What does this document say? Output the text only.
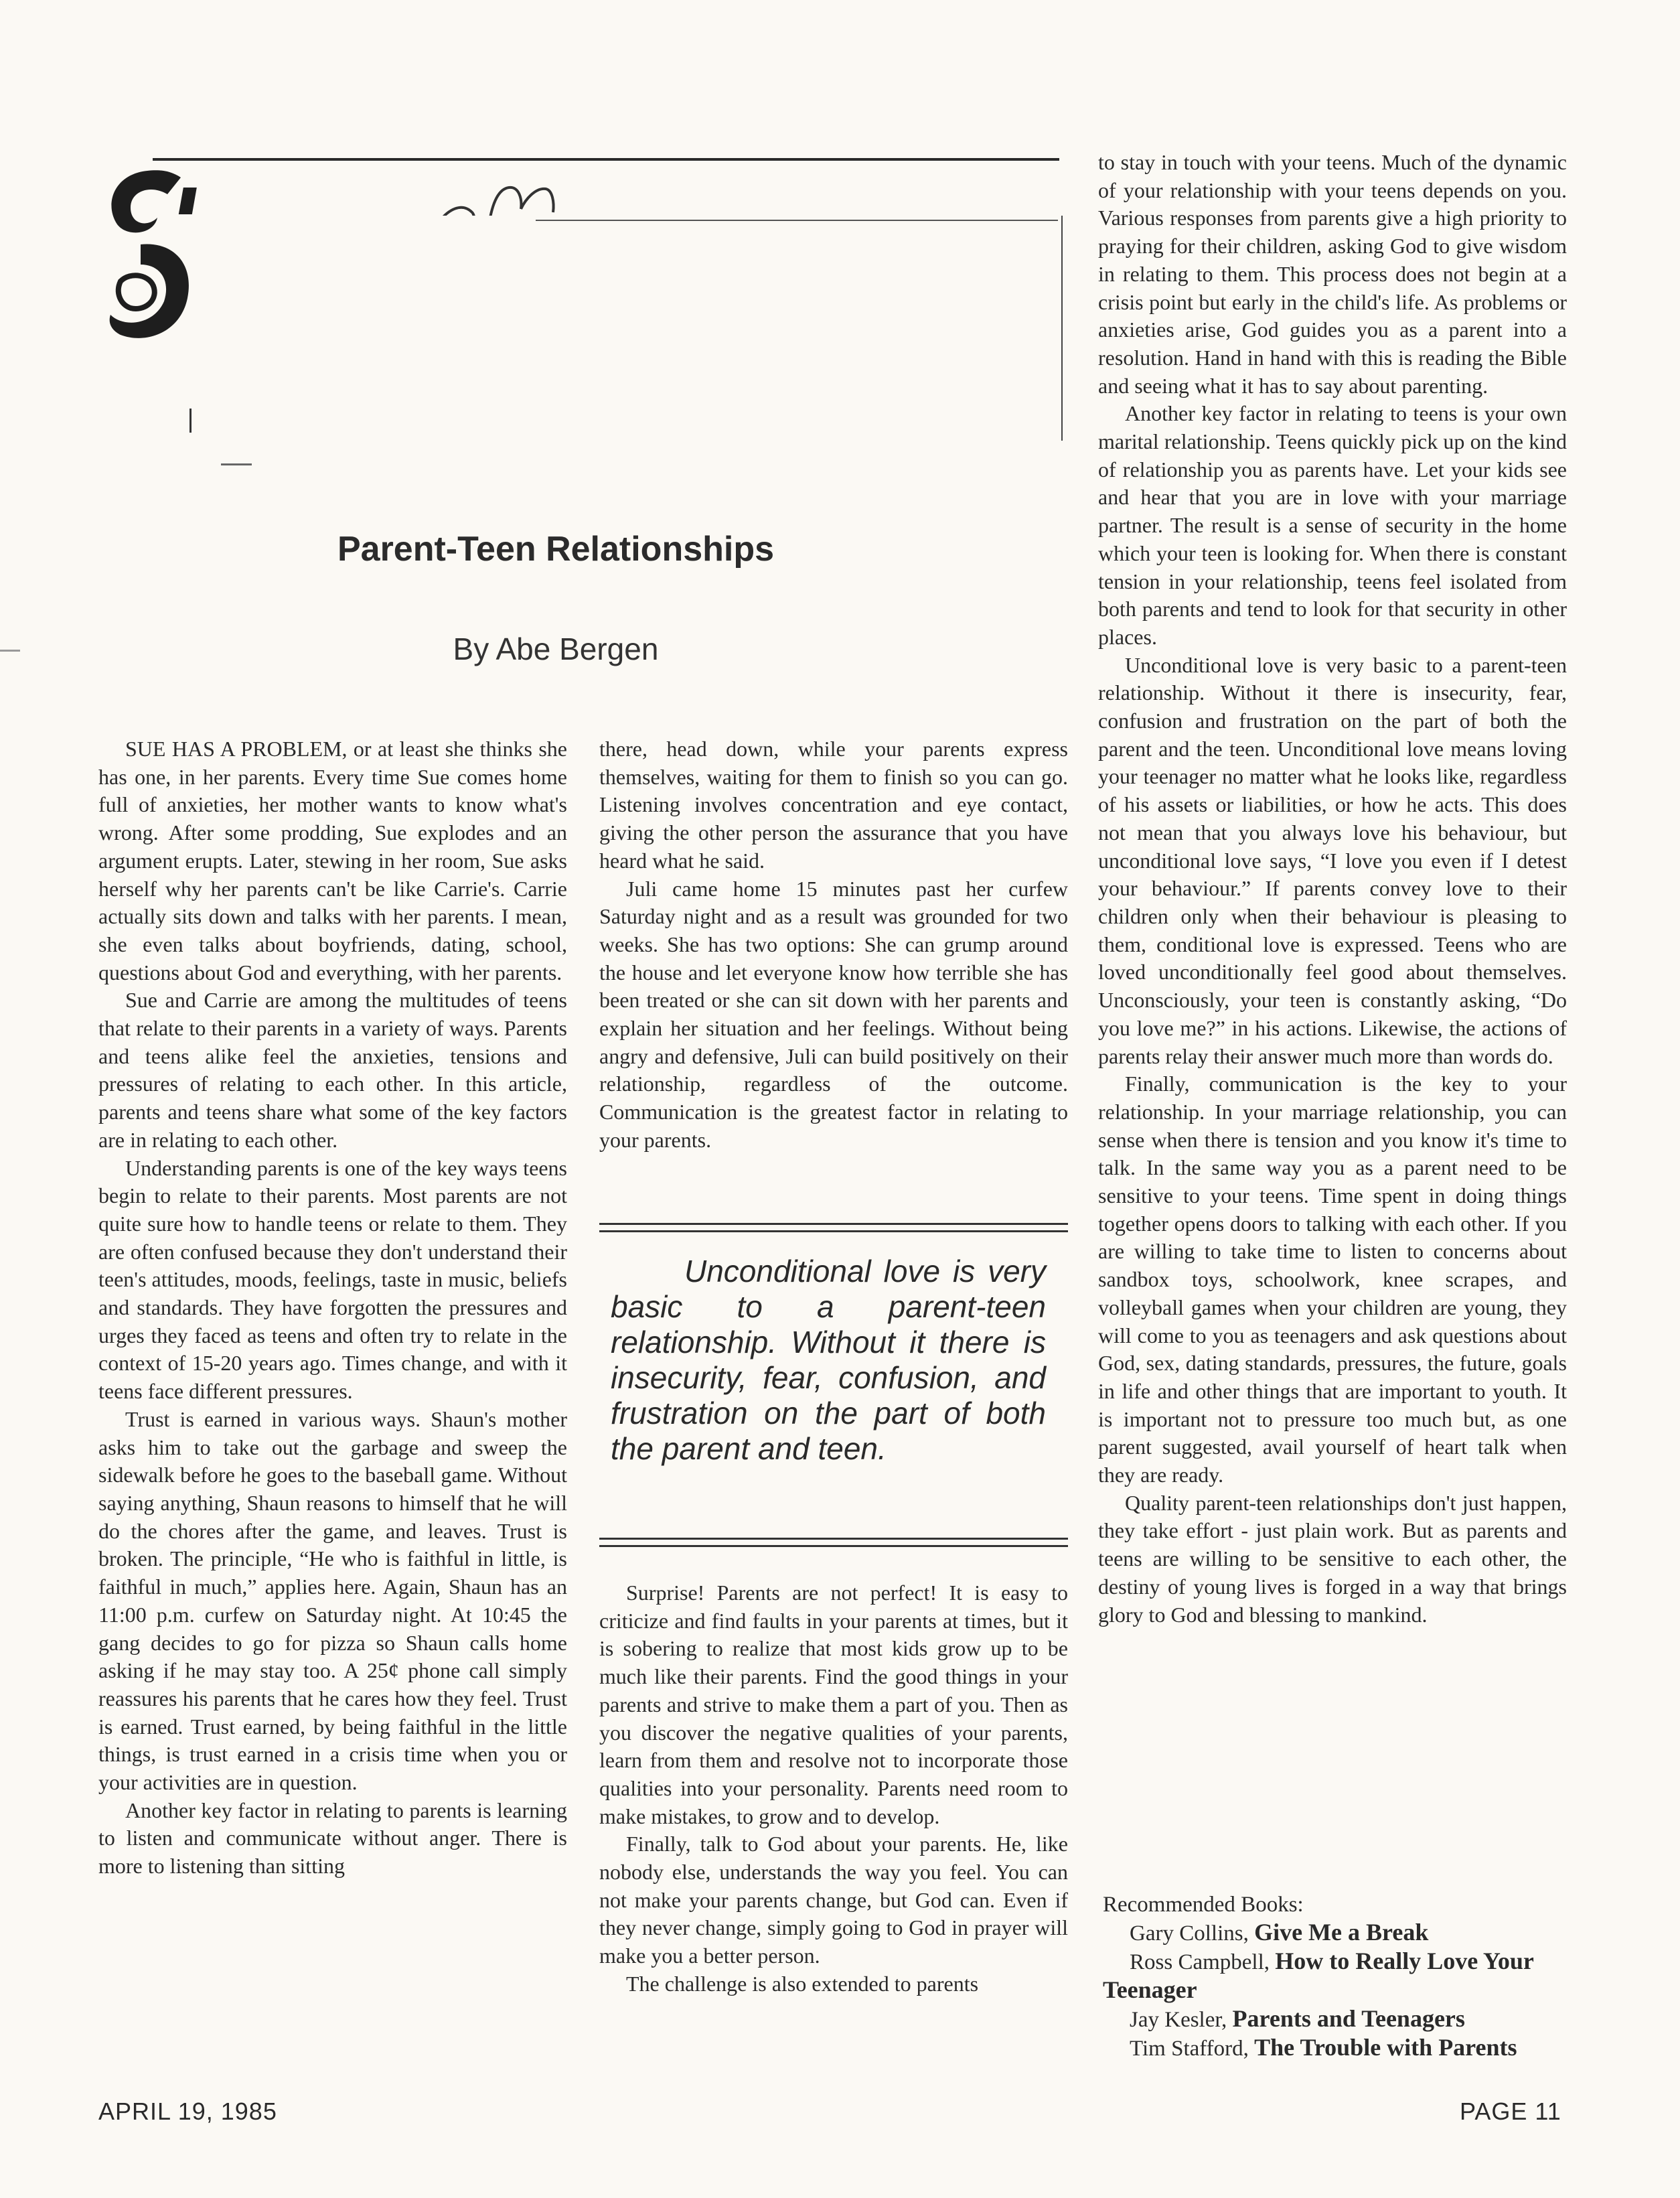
Parent-Teen Relationships
By Abe Bergen

SUE HAS A PROBLEM, or at least she thinks she has one, in her parents. Every time Sue comes home full of anxieties, her mother wants to know what's wrong. After some prodding, Sue explodes and an argument erupts. Later, stewing in her room, Sue asks herself why her parents can't be like Carrie's. Carrie actually sits down and talks with her parents. I mean, she even talks about boyfriends, dating, school, questions about God and everything, with her parents.

Sue and Carrie are among the multitudes of teens that relate to their parents in a variety of ways. Parents and teens alike feel the anxieties, tensions and pressures of relating to each other. In this article, parents and teens share what some of the key factors are in relating to each other.

Understanding parents is one of the key ways teens begin to relate to their parents. Most parents are not quite sure how to handle teens or relate to them. They are often confused because they don't understand their teen's attitudes, moods, feelings, taste in music, beliefs and standards. They have forgotten the pressures and urges they faced as teens and often try to relate in the context of 15-20 years ago. Times change, and with it teens face different pressures.

Trust is earned in various ways. Shaun's mother asks him to take out the garbage and sweep the sidewalk before he goes to the baseball game. Without saying anything, Shaun reasons to himself that he will do the chores after the game, and leaves. Trust is broken. The principle, “He who is faithful in little, is faithful in much,” applies here. Again, Shaun has an 11:00 p.m. curfew on Saturday night. At 10:45 the gang decides to go for pizza so Shaun calls home asking if he may stay too. A 25¢ phone call simply reassures his parents that he cares how they feel. Trust is earned. Trust earned, by being faithful in the little things, is trust earned in a crisis time when you or your activities are in question.

Another key factor in relating to parents is learning to listen and communicate without anger. There is more to listening than sitting

there, head down, while your parents express themselves, waiting for them to finish so you can go. Listening involves concentration and eye contact, giving the other person the assurance that you have heard what he said.

Juli came home 15 minutes past her curfew Saturday night and as a result was grounded for two weeks. She has two options: She can grump around the house and let everyone know how terrible she has been treated or she can sit down with her parents and explain her situation and her feelings. Without being angry and defensive, Juli can build positively on their relationship, regardless of the outcome. Communication is the greatest factor in relating to your parents.

Unconditional love is very basic to a parent-teen relationship. Without it there is insecurity, fear, confusion, and frustration on the part of both the parent and teen.

Surprise! Parents are not perfect! It is easy to criticize and find faults in your parents at times, but it is sobering to realize that most kids grow up to be much like their parents. Find the good things in your parents and strive to make them a part of you. Then as you discover the negative qualities of your parents, learn from them and resolve not to incorporate those qualities into your personality. Parents need room to make mistakes, to grow and to develop.

Finally, talk to God about your parents. He, like nobody else, understands the way you feel. You can not make your parents change, but God can. Even if they never change, simply going to God in prayer will make you a better person.

The challenge is also extended to parents

to stay in touch with your teens. Much of the dynamic of your relationship with your teens depends on you. Various responses from parents give a high priority to praying for their children, asking God to give wisdom in relating to them. This process does not begin at a crisis point but early in the child's life. As problems or anxieties arise, God guides you as a parent into a resolution. Hand in hand with this is reading the Bible and seeing what it has to say about parenting.

Another key factor in relating to teens is your own marital relationship. Teens quickly pick up on the kind of relationship you as parents have. Let your kids see and hear that you are in love with your marriage partner. The result is a sense of security in the home which your teen is looking for. When there is constant tension in your relationship, teens feel isolated from both parents and tend to look for that security in other places.

Unconditional love is very basic to a parent-teen relationship. Without it there is insecurity, fear, confusion and frustration on the part of both the parent and the teen. Unconditional love means loving your teenager no matter what he looks like, regardless of his assets or liabilities, or how he acts. This does not mean that you always love his behaviour, but unconditional love says, “I love you even if I detest your behaviour.” If parents convey love to their children only when their behaviour is pleasing to them, conditional love is expressed. Teens who are loved unconditionally feel good about themselves. Unconsciously, your teen is constantly asking, “Do you love me?” in his actions. Likewise, the actions of parents relay their answer much more than words do.

Finally, communication is the key to your relationship. In your marriage relationship, you can sense when there is tension and you know it's time to talk. In the same way you as a parent need to be sensitive to your teens. Time spent in doing things together opens doors to talking with each other. If you are willing to take time to listen to concerns about sandbox toys, schoolwork, knee scrapes, and volleyball games when your children are young, they will come to you as teenagers and ask questions about God, sex, dating standards, pressures, the future, goals in life and other things that are important to youth. It is important not to pressure too much but, as one parent suggested, avail yourself of heart talk when they are ready.

Quality parent-teen relationships don't just happen, they take effort - just plain work. But as parents and teens are willing to be sensitive to each other, the destiny of young lives is forged in a way that brings glory to God and blessing to mankind.

Recommended Books:

Gary Collins, Give Me a Break

Ross Campbell, How to Really Love Your Teenager

Jay Kesler, Parents and Teenagers

Tim Stafford, The Trouble with Parents

APRIL 19, 1985	PAGE 11
